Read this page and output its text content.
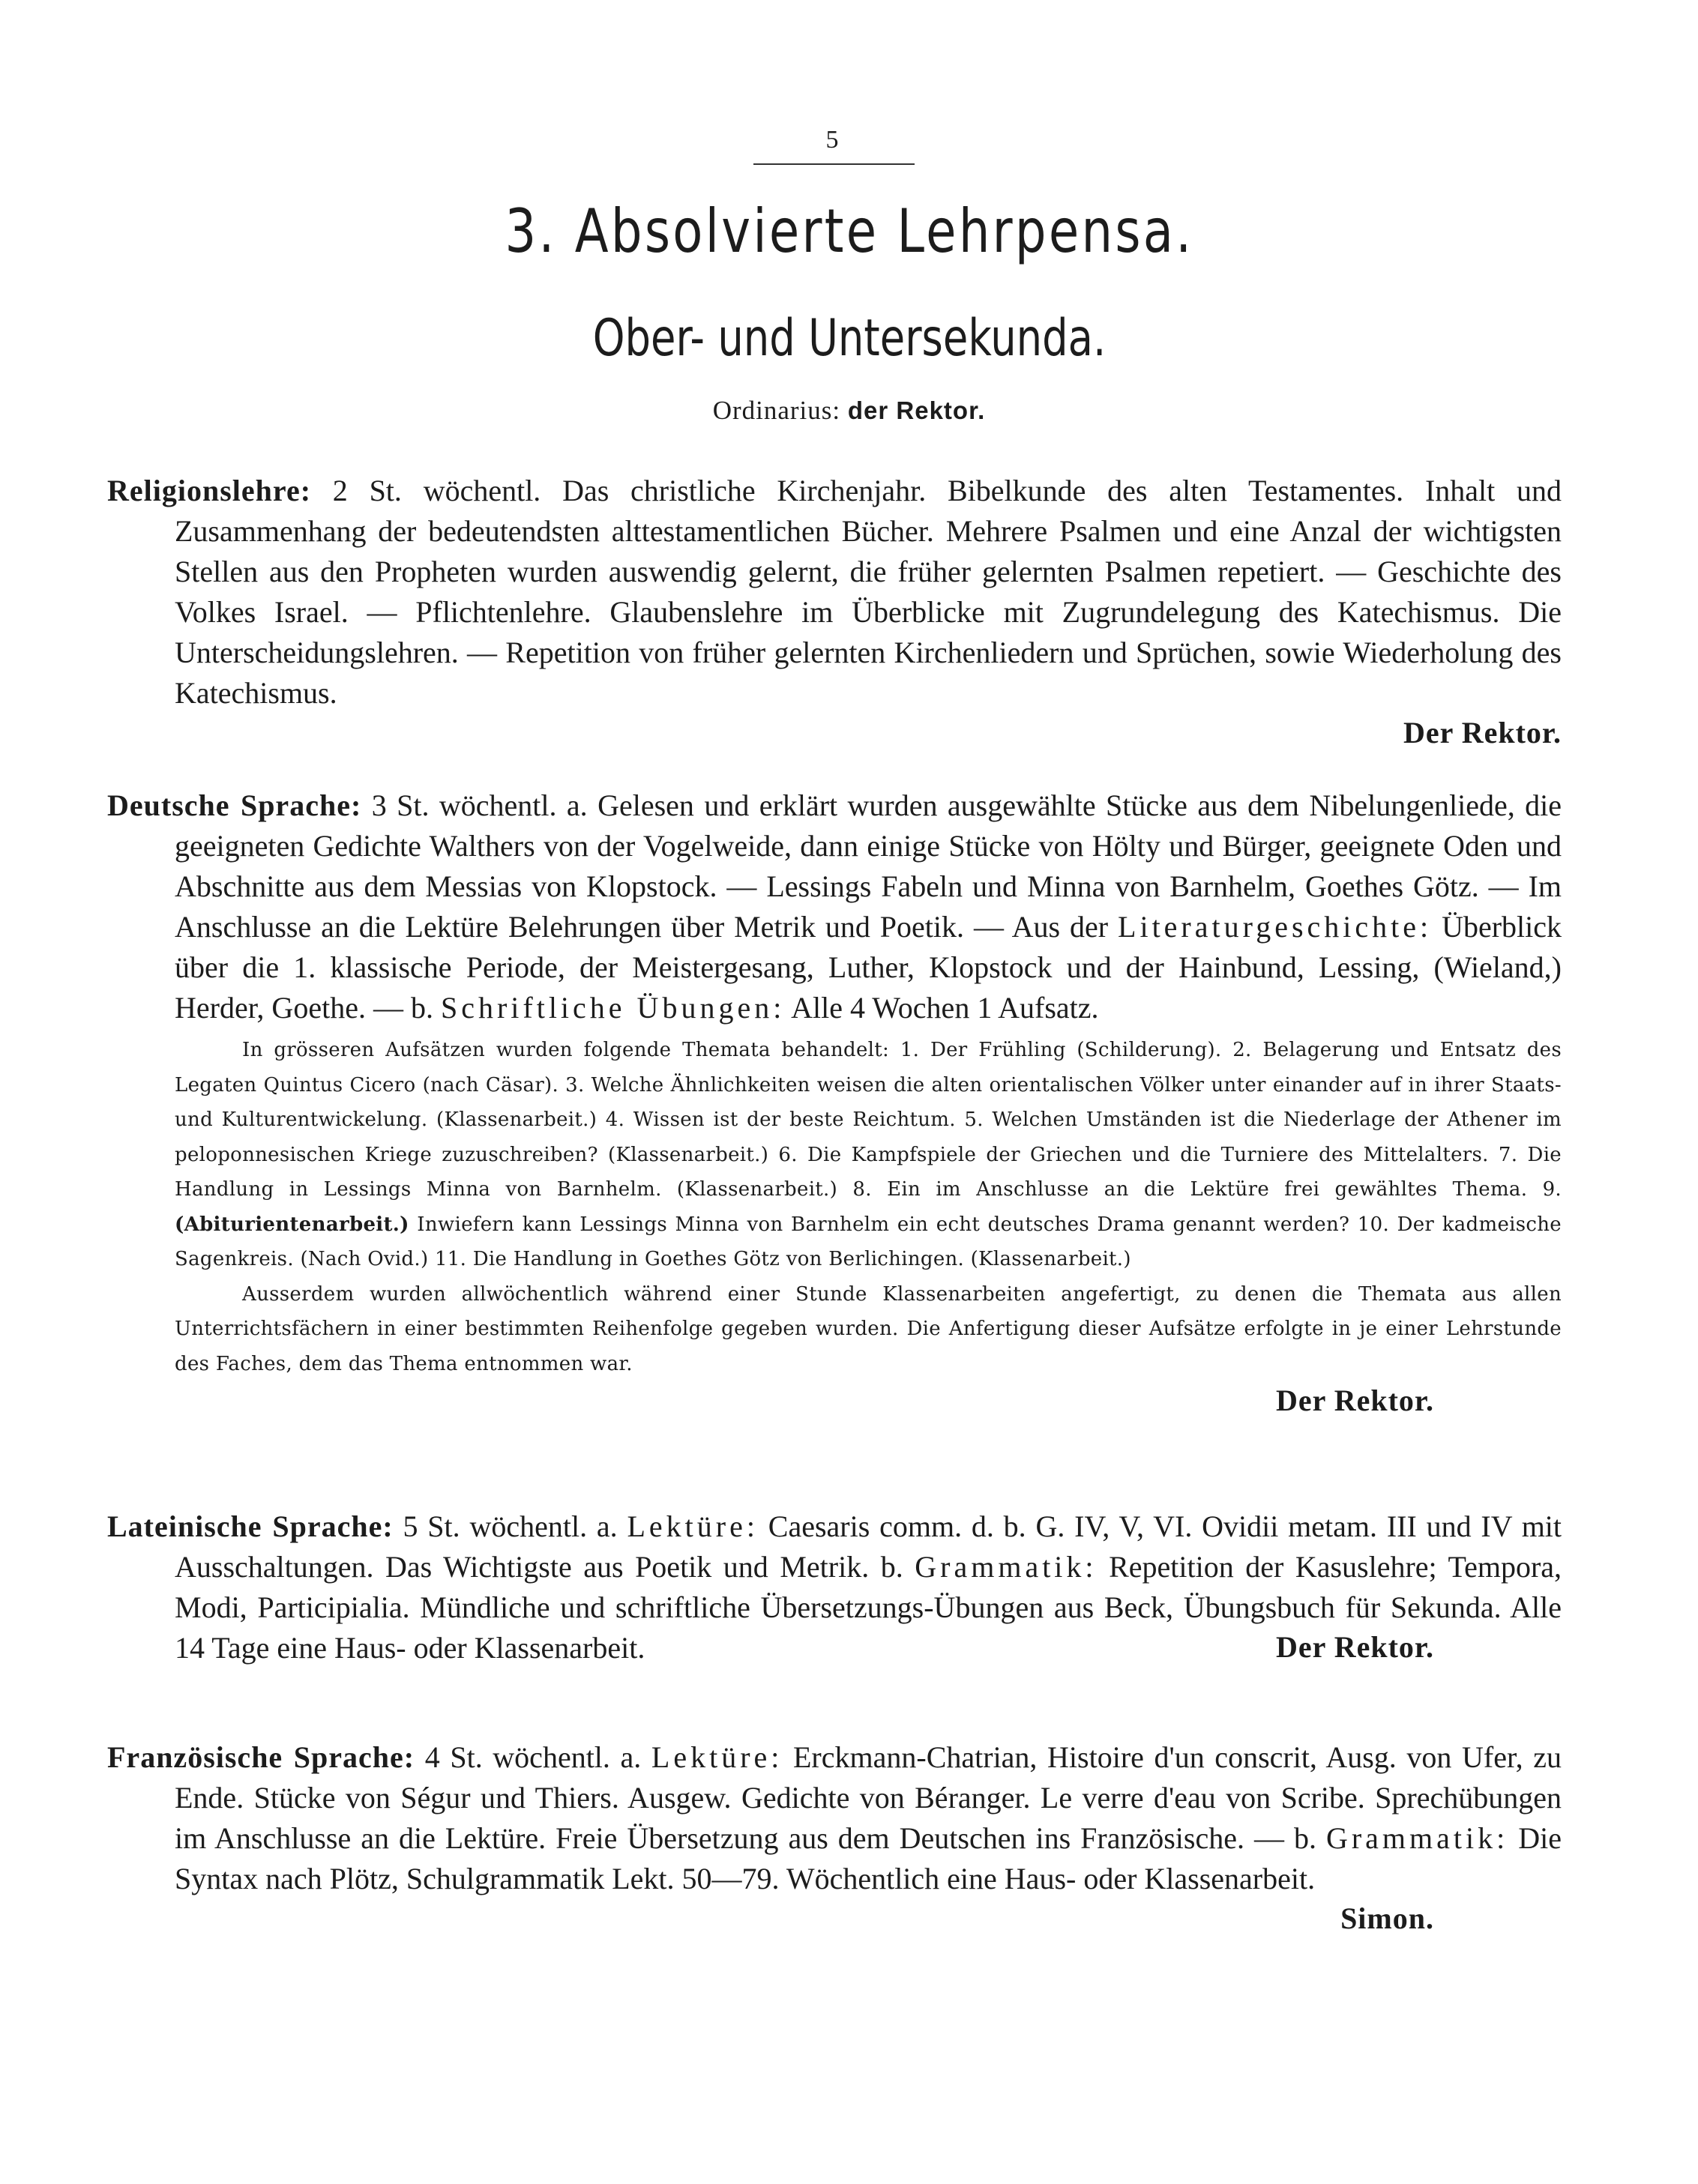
5
3. Absolvierte Lehrpensa.
Ober- und Untersekunda.
Ordinarius: der Rektor.
Religionslehre: 2 St. wöchentl. Das christliche Kirchenjahr. Bibelkunde des alten Testamentes. Inhalt und Zusammenhang der bedeutendsten alttestamentlichen Bücher. Mehrere Psalmen und eine Anzal der wichtigsten Stellen aus den Propheten wurden auswendig gelernt, die früher gelernten Psalmen repetiert. — Geschichte des Volkes Israel. — Pflichtenlehre. Glaubenslehre im Überblicke mit Zugrundelegung des Katechismus. Die Unterscheidungslehren. — Repetition von früher gelernten Kirchenliedern und Sprüchen, sowie Wiederholung des Katechismus.
Der Rektor.
Deutsche Sprache: 3 St. wöchentl. a. Gelesen und erklärt wurden ausgewählte Stücke aus dem Nibelungenliede, die geeigneten Gedichte Walthers von der Vogelweide, dann einige Stücke von Hölty und Bürger, geeignete Oden und Abschnitte aus dem Messias von Klopstock. — Lessings Fabeln und Minna von Barnhelm, Goethes Götz. — Im Anschlusse an die Lektüre Belehrungen über Metrik und Poetik. — Aus der Literaturgeschichte: Überblick über die 1. klassische Periode, der Meistergesang, Luther, Klopstock und der Hainbund, Lessing, (Wieland,) Herder, Goethe. — b. Schriftliche Übungen: Alle 4 Wochen 1 Aufsatz.
In grösseren Aufsätzen wurden folgende Themata behandelt: 1. Der Frühling (Schilderung). 2. Belagerung und Entsatz des Legaten Quintus Cicero (nach Cäsar). 3. Welche Ähnlichkeiten weisen die alten orientalischen Völker unter einander auf in ihrer Staats- und Kulturentwickelung. (Klassenarbeit.) 4. Wissen ist der beste Reichtum. 5. Welchen Umständen ist die Niederlage der Athener im peloponnesischen Kriege zuzuschreiben? (Klassenarbeit.) 6. Die Kampfspiele der Griechen und die Turniere des Mittelalters. 7. Die Handlung in Lessings Minna von Barnhelm. (Klassenarbeit.) 8. Ein im Anschlusse an die Lektüre frei gewähltes Thema. 9. (Abiturientenarbeit.) Inwiefern kann Lessings Minna von Barnhelm ein echt deutsches Drama genannt werden? 10. Der kadmeische Sagenkreis. (Nach Ovid.) 11. Die Handlung in Goethes Götz von Berlichingen. (Klassenarbeit.)
Ausserdem wurden allwöchentlich während einer Stunde Klassenarbeiten angefertigt, zu denen die Themata aus allen Unterrichtsfächern in einer bestimmten Reihenfolge gegeben wurden. Die Anfertigung dieser Aufsätze erfolgte in je einer Lehrstunde des Faches, dem das Thema entnommen war.
Der Rektor.
Lateinische Sprache: 5 St. wöchentl. a. Lektüre: Caesaris comm. d. b. G. IV, V, VI. Ovidii metam. III und IV mit Ausschaltungen. Das Wichtigste aus Poetik und Metrik. b. Grammatik: Repetition der Kasuslehre; Tempora, Modi, Participialia. Mündliche und schriftliche Übersetzungs-Übungen aus Beck, Übungsbuch für Sekunda. Alle 14 Tage eine Haus- oder Klassenarbeit.	Der Rektor.
Französische Sprache: 4 St. wöchentl. a. Lektüre: Erckmann-Chatrian, Histoire d'un conscrit, Ausg. von Ufer, zu Ende. Stücke von Ségur und Thiers. Ausgew. Gedichte von Béranger. Le verre d'eau von Scribe. Sprechübungen im Anschlusse an die Lektüre. Freie Übersetzung aus dem Deutschen ins Französische. — b. Grammatik: Die Syntax nach Plötz, Schulgrammatik Lekt. 50—79. Wöchentlich eine Haus- oder Klassenarbeit.
Simon.
